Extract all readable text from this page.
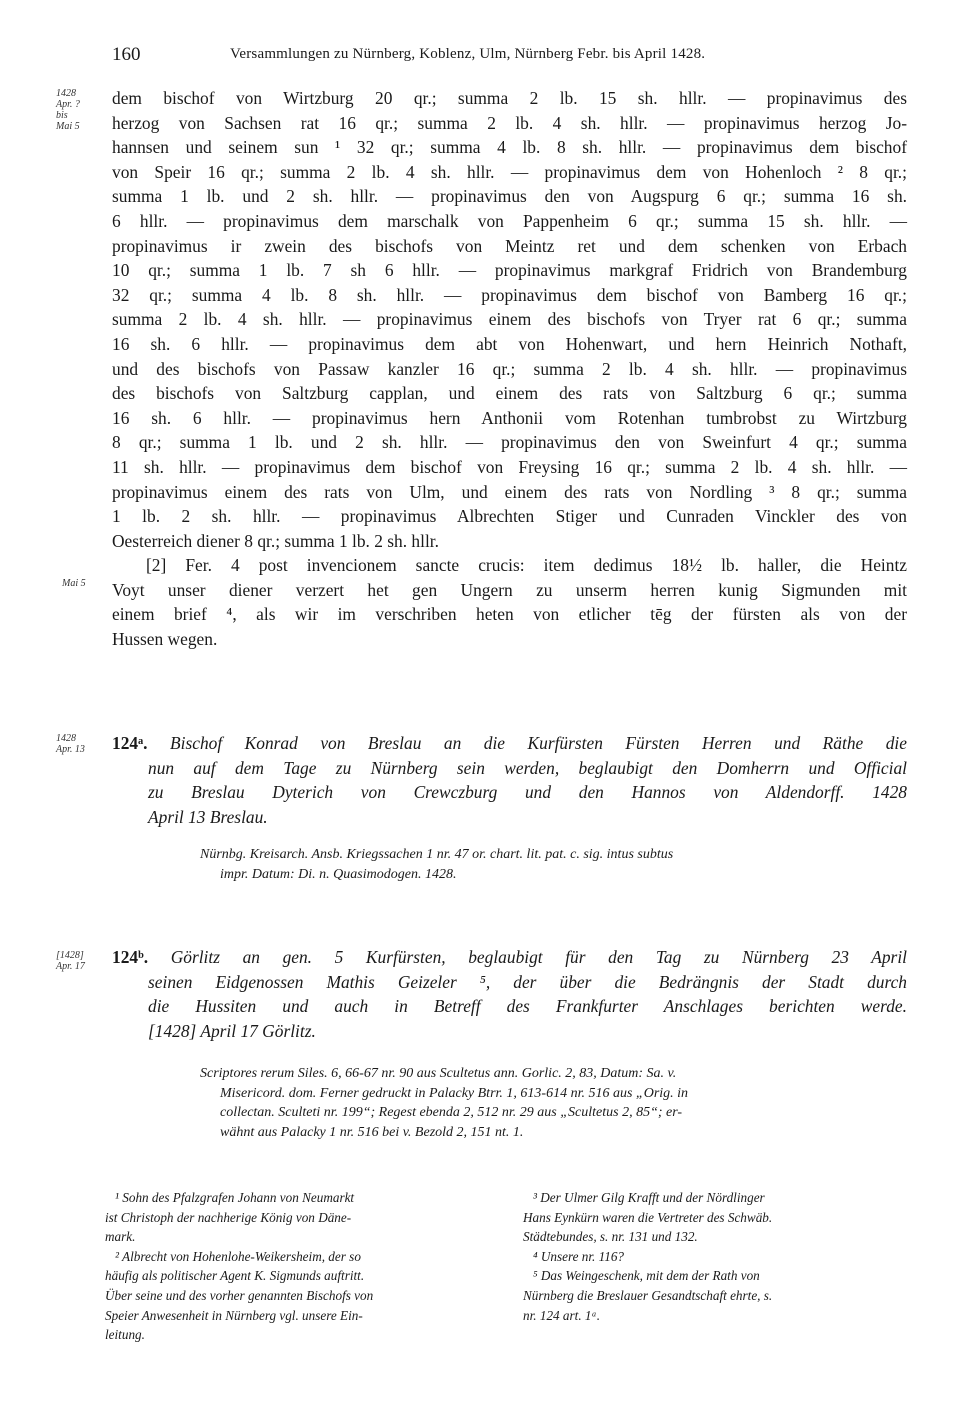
160	Versammlungen zu Nürnberg, Koblenz, Ulm, Nürnberg Febr. bis April 1428.
1428
Apr. ?
bis
Mai 5
Mai 5
1428
Apr. 13
[1428]
Apr. 17
dem bischof von Wirtzburg 20 qr.; summa 2 lb. 15 sh. hllr. — propinavimus des
herzog von Sachsen rat 16 qr.; summa 2 lb. 4 sh. hllr. — propinavimus herzog Jo-
hannsen und seinem sun ¹ 32 qr.; summa 4 lb. 8 sh. hllr. — propinavimus dem bischof
von Speir 16 qr.; summa 2 lb. 4 sh. hllr. — propinavimus dem von Hohenloch ² 8 qr.;
summa 1 lb. und 2 sh. hllr. — propinavimus den von Augspurg 6 qr.; summa 16 sh.
6 hllr. — propinavimus dem marschalk von Pappenheim 6 qr.; summa 15 sh. hllr. —
propinavimus ir zwein des bischofs von Meintz ret und dem schenken von Erbach
10 qr.; summa 1 lb. 7 sh 6 hllr. — propinavimus markgraf Fridrich von Brandemburg
32 qr.; summa 4 lb. 8 sh. hllr. — propinavimus dem bischof von Bamberg 16 qr.;
summa 2 lb. 4 sh. hllr. — propinavimus einem des bischofs von Tryer rat 6 qr.; summa
16 sh. 6 hllr. — propinavimus dem abt von Hohenwart, und hern Heinrich Nothaft,
und des bischofs von Passaw kanzler 16 qr.; summa 2 lb. 4 sh. hllr. — propinavimus
des bischofs von Saltzburg capplan, und einem des rats von Saltzburg 6 qr.; summa
16 sh. 6 hllr. — propinavimus hern Anthonii vom Rotenhan tumbrobst zu Wirtzburg
8 qr.; summa 1 lb. und 2 sh. hllr. — propinavimus den von Sweinfurt 4 qr.; summa
11 sh. hllr. — propinavimus dem bischof von Freysing 16 qr.; summa 2 lb. 4 sh. hllr. —
propinavimus einem des rats von Ulm, und einem des rats von Nordling ³ 8 qr.; summa
1 lb. 2 sh. hllr. — propinavimus Albrechten Stiger und Cunraden Vinckler des von
Oesterreich diener 8 qr.; summa 1 lb. 2 sh. hllr.
[2] Fer. 4 post invencionem sancte crucis: item dedimus 18½ lb. haller, die Heintz
Voyt unser diener verzert het gen Ungern zu unserm herren kunig Sigmunden mit
einem brief ⁴, als wir im verschriben heten von etlicher tēg der fürsten als von der
Hussen wegen.
124ᵃ. Bischof Konrad von Breslau an die Kurfürsten Fürsten Herren und Räthe die
nun auf dem Tage zu Nürnberg sein werden, beglaubigt den Domherrn und Official
zu Breslau Dyterich von Crewczburg und den Hannos von Aldendorff. 1428
April 13 Breslau.
Nürnbg. Kreisarch. Ansb. Kriegssachen 1 nr. 47 or. chart. lit. pat. c. sig. intus subtus
impr. Datum: Di. n. Quasimodogen. 1428.
124ᵇ. Görlitz an gen. 5 Kurfürsten, beglaubigt für den Tag zu Nürnberg 23 April
seinen Eidgenossen Mathis Geizeler ⁵, der über die Bedrängnis der Stadt durch
die Hussiten und auch in Betreff des Frankfurter Anschlages berichten werde.
[1428] April 17 Görlitz.
Scriptores rerum Siles. 6, 66-67 nr. 90 aus Scultetus ann. Gorlic. 2, 83, Datum: Sa. v.
Misericord. dom. Ferner gedruckt in Palacky Btrr. 1, 613-614 nr. 516 aus „Orig. in
collectan. Sculteti nr. 199“; Regest ebenda 2, 512 nr. 29 aus „Scultetus 2, 85“; er-
wähnt aus Palacky 1 nr. 516 bei v. Bezold 2, 151 nt. 1.
¹ Sohn des Pfalzgrafen Johann von Neumarkt
ist Christoph der nachherige König von Däne-
mark.
² Albrecht von Hohenlohe-Weikersheim, der so
häufig als politischer Agent K. Sigmunds auftritt.
Über seine und des vorher genannten Bischofs von
Speier Anwesenheit in Nürnberg vgl. unsere Ein-
leitung.
³ Der Ulmer Gilg Krafft und der Nördlinger
Hans Eynkürn waren die Vertreter des Schwäb.
Städtebundes, s. nr. 131 und 132.
⁴ Unsere nr. 116?
⁵ Das Weingeschenk, mit dem der Rath von
Nürnberg die Breslauer Gesandtschaft ehrte, s.
nr. 124 art. 1ᵃ.
